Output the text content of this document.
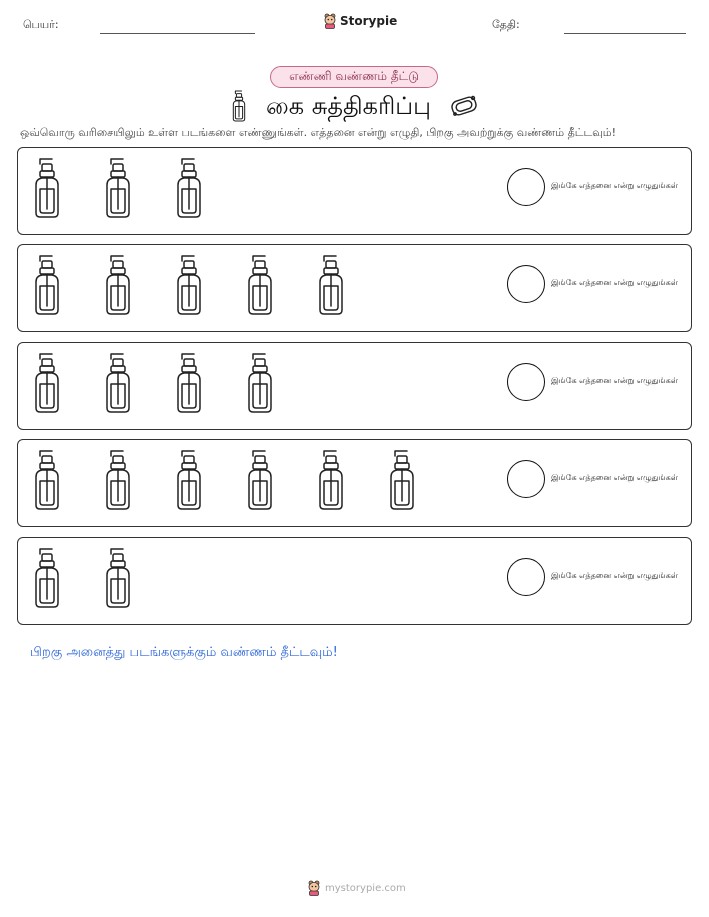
பெயர்:	Storypie	தேதி:
எண்ணி வண்ணம் தீட்டு
கை சுத்திகரிப்பு
ஒவ்வொரு வரிசையிலும் உள்ள படங்களை எண்ணுங்கள். எத்தனை என்று எழுதி, பிறகு அவற்றுக்கு வண்ணம் தீட்டவும்!
இங்கே எத்தனை என்று எழுதுங்கள்
இங்கே எத்தனை என்று எழுதுங்கள்
இங்கே எத்தனை என்று எழுதுங்கள்
இங்கே எத்தனை என்று எழுதுங்கள்
இங்கே எத்தனை என்று எழுதுங்கள்
பிறகு அனைத்து படங்களுக்கும் வண்ணம் தீட்டவும்!
mystorypie.com
